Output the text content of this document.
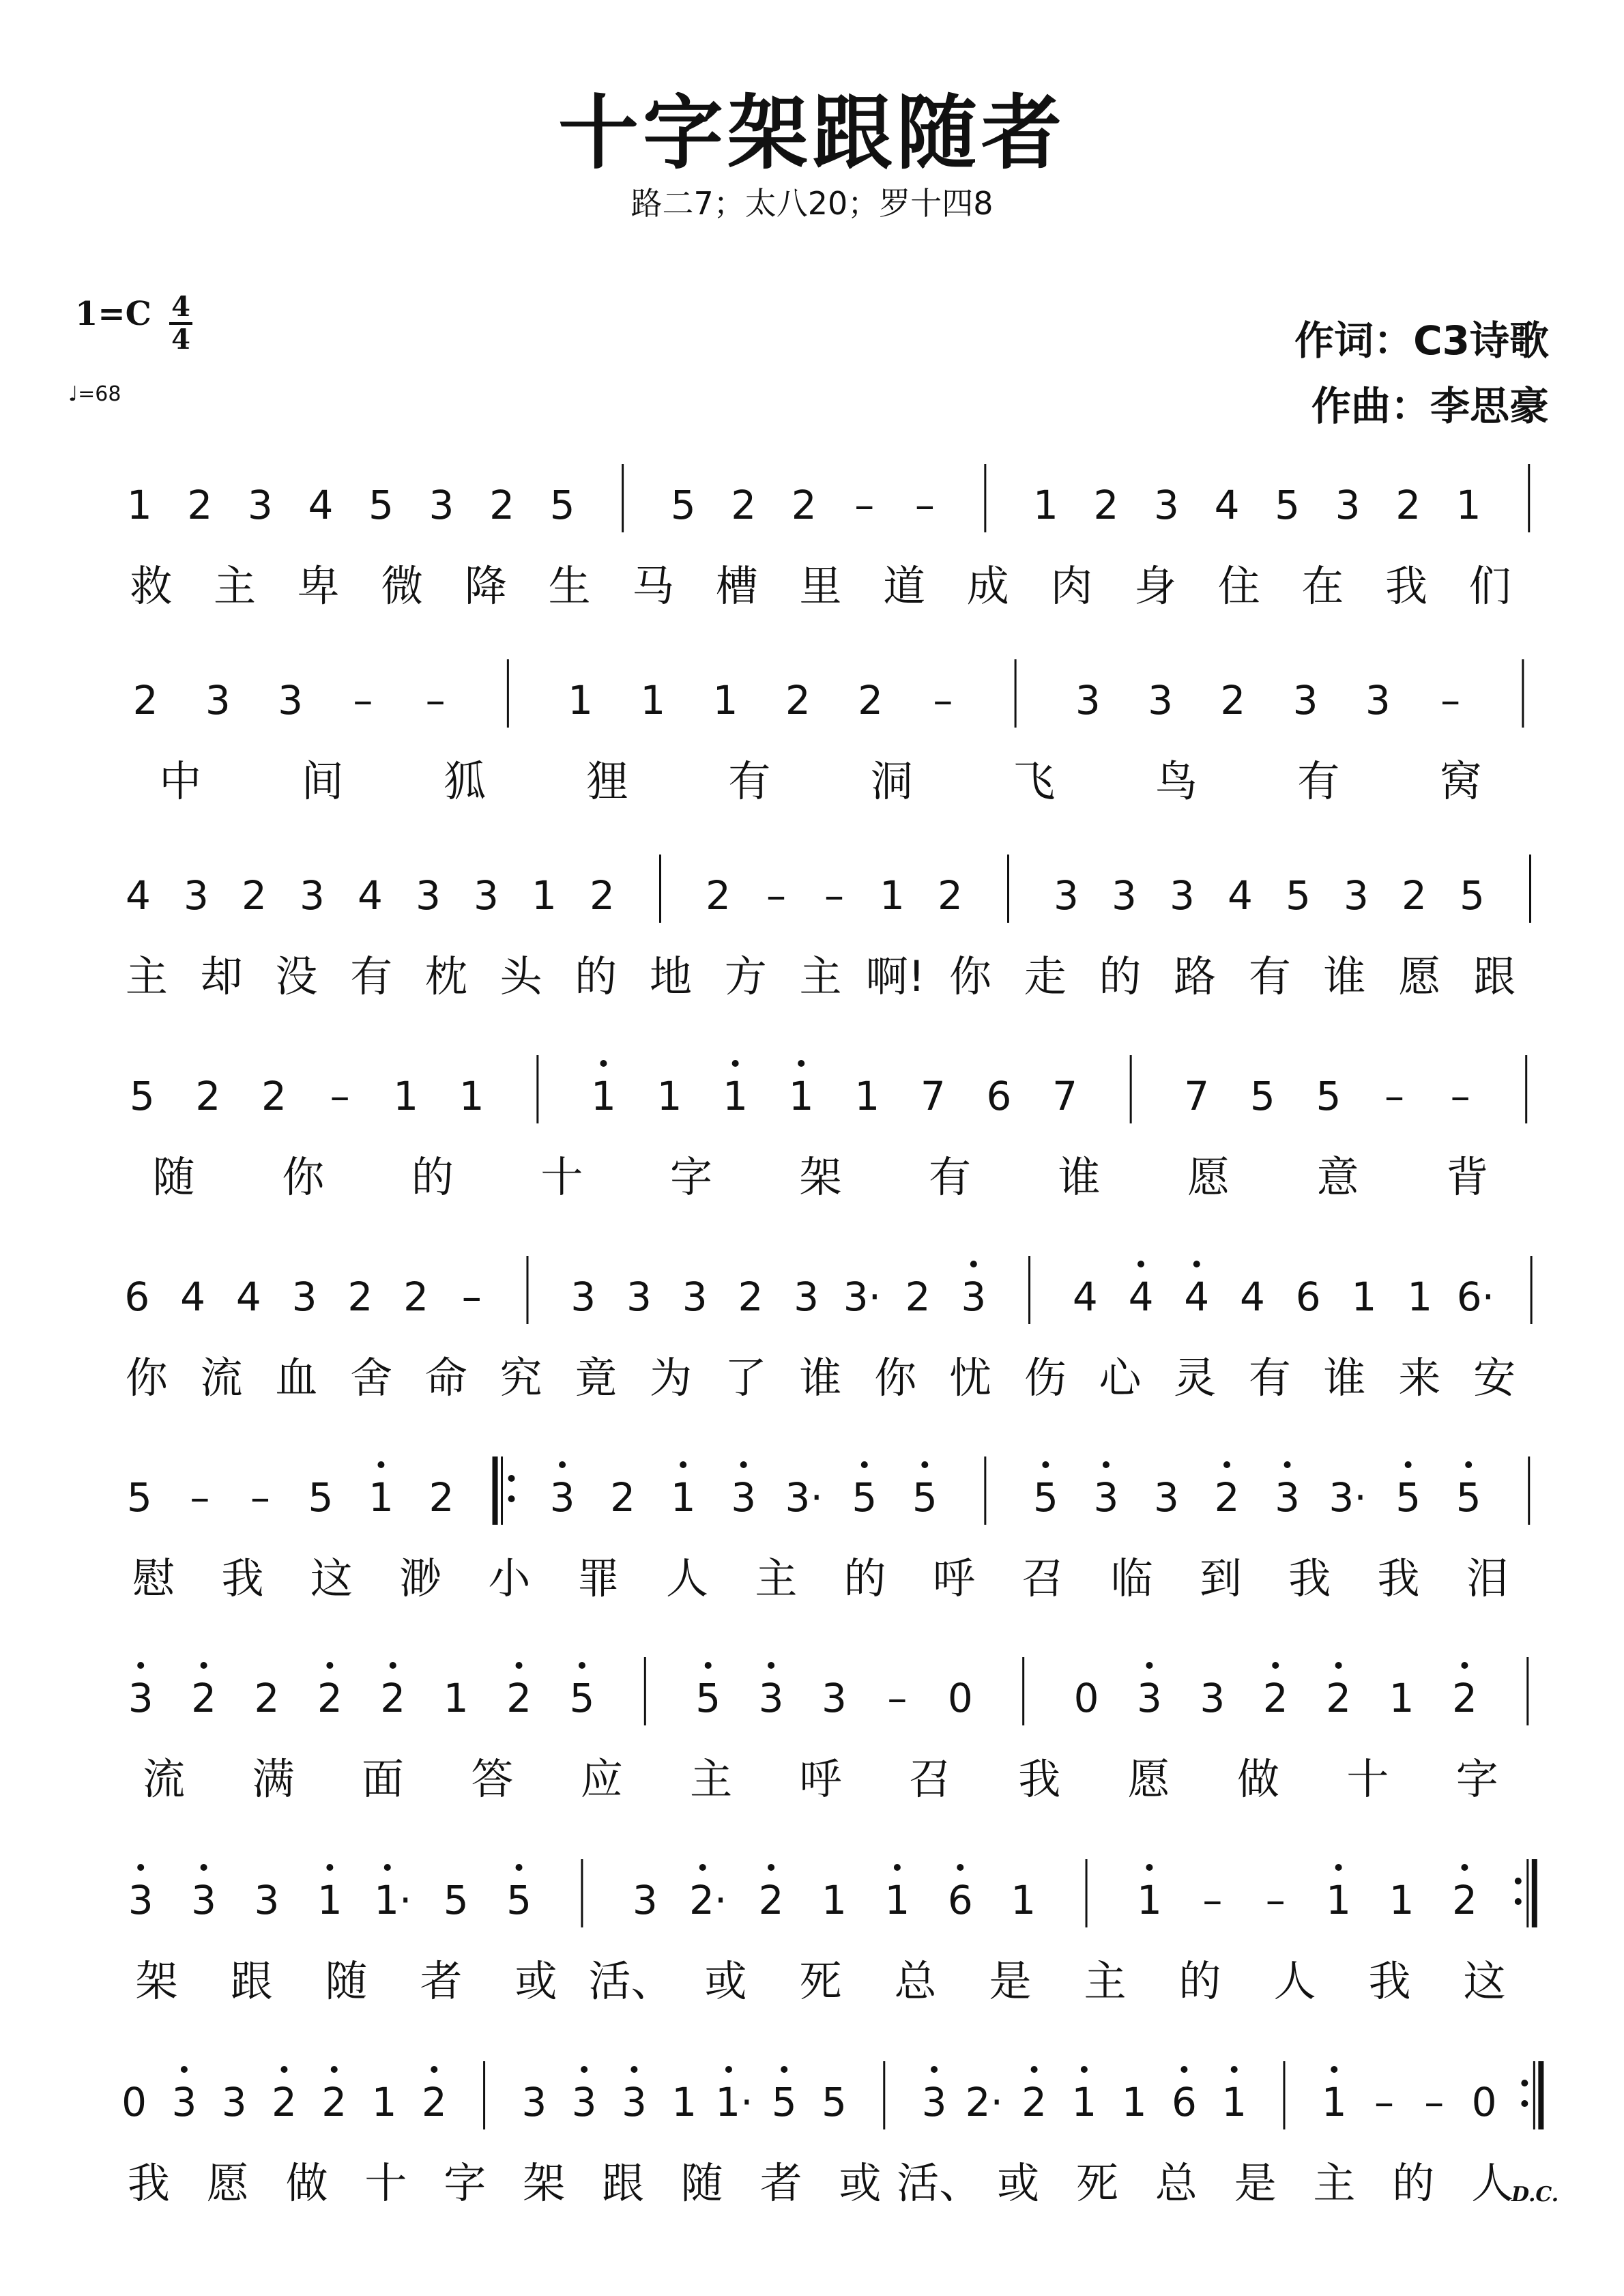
十字架跟随者
路二7；太八20；罗十四8
1=C 4
4
♩=68
作词：C3诗歌
作曲：李思豪
1 2 3 4 5 3 2 5 5 2 2 – – 1 2 3 4 5 3 2 1
救 主 卑 微 降 生 马 槽 里 道 成 肉 身 住 在 我 们
2 3 3 – –	1 1 1 2 2 –	3 3 2 3 3 –
中 间 狐 狸 有 洞 飞 鸟 有 窝
4 3 2 3 4 3 3 1 2 2 – – 1 2 3 3 3 4 5 3 2 5
主 却 没 有 枕 头 的 地 方 主 啊! 你 走 的 路 有 谁 愿 跟
5 2 2 – 1 1	1 1 1 1 1 7 6 7	7 5 5 – –
随 你 的 十 字 架 有 谁 愿 意 背
6 4 4 3 2 2 – 3 3 3 2 3 3· 2 3 4 4 4 4 6 1 1 6·
你 流 血 舍 命 究 竟 为 了 谁 你 忧 伤 心 灵 有 谁 来 安
5 – – 5 1 2 3 2 1 3 3· 5 5 5 3 3 2 3 3· 5 5
慰 我 这 渺 小 罪 人 主 的 呼 召 临 到 我 我 泪
3 2 2 2 2 1 2 5	5 3 3 – 0	0 3 3 2 2 1 2
流 满 面 答 应 主 呼 召 我 愿 做 十 字
3 3 3 1 1· 5 5	3 2· 2 1 1 6 1	1 – – 1 1 2
架 跟 随 者 或 活、 或 死 总 是 主 的 人 我 这
0 3 3 2 2 1 2 3 3 3 1 1· 5 5 3 2· 2 1 1 6 1 1 – – 0
我 愿 做 十 字 架 跟 随 者 或 活、 或 死 总 是 主 的 人
D.C.
